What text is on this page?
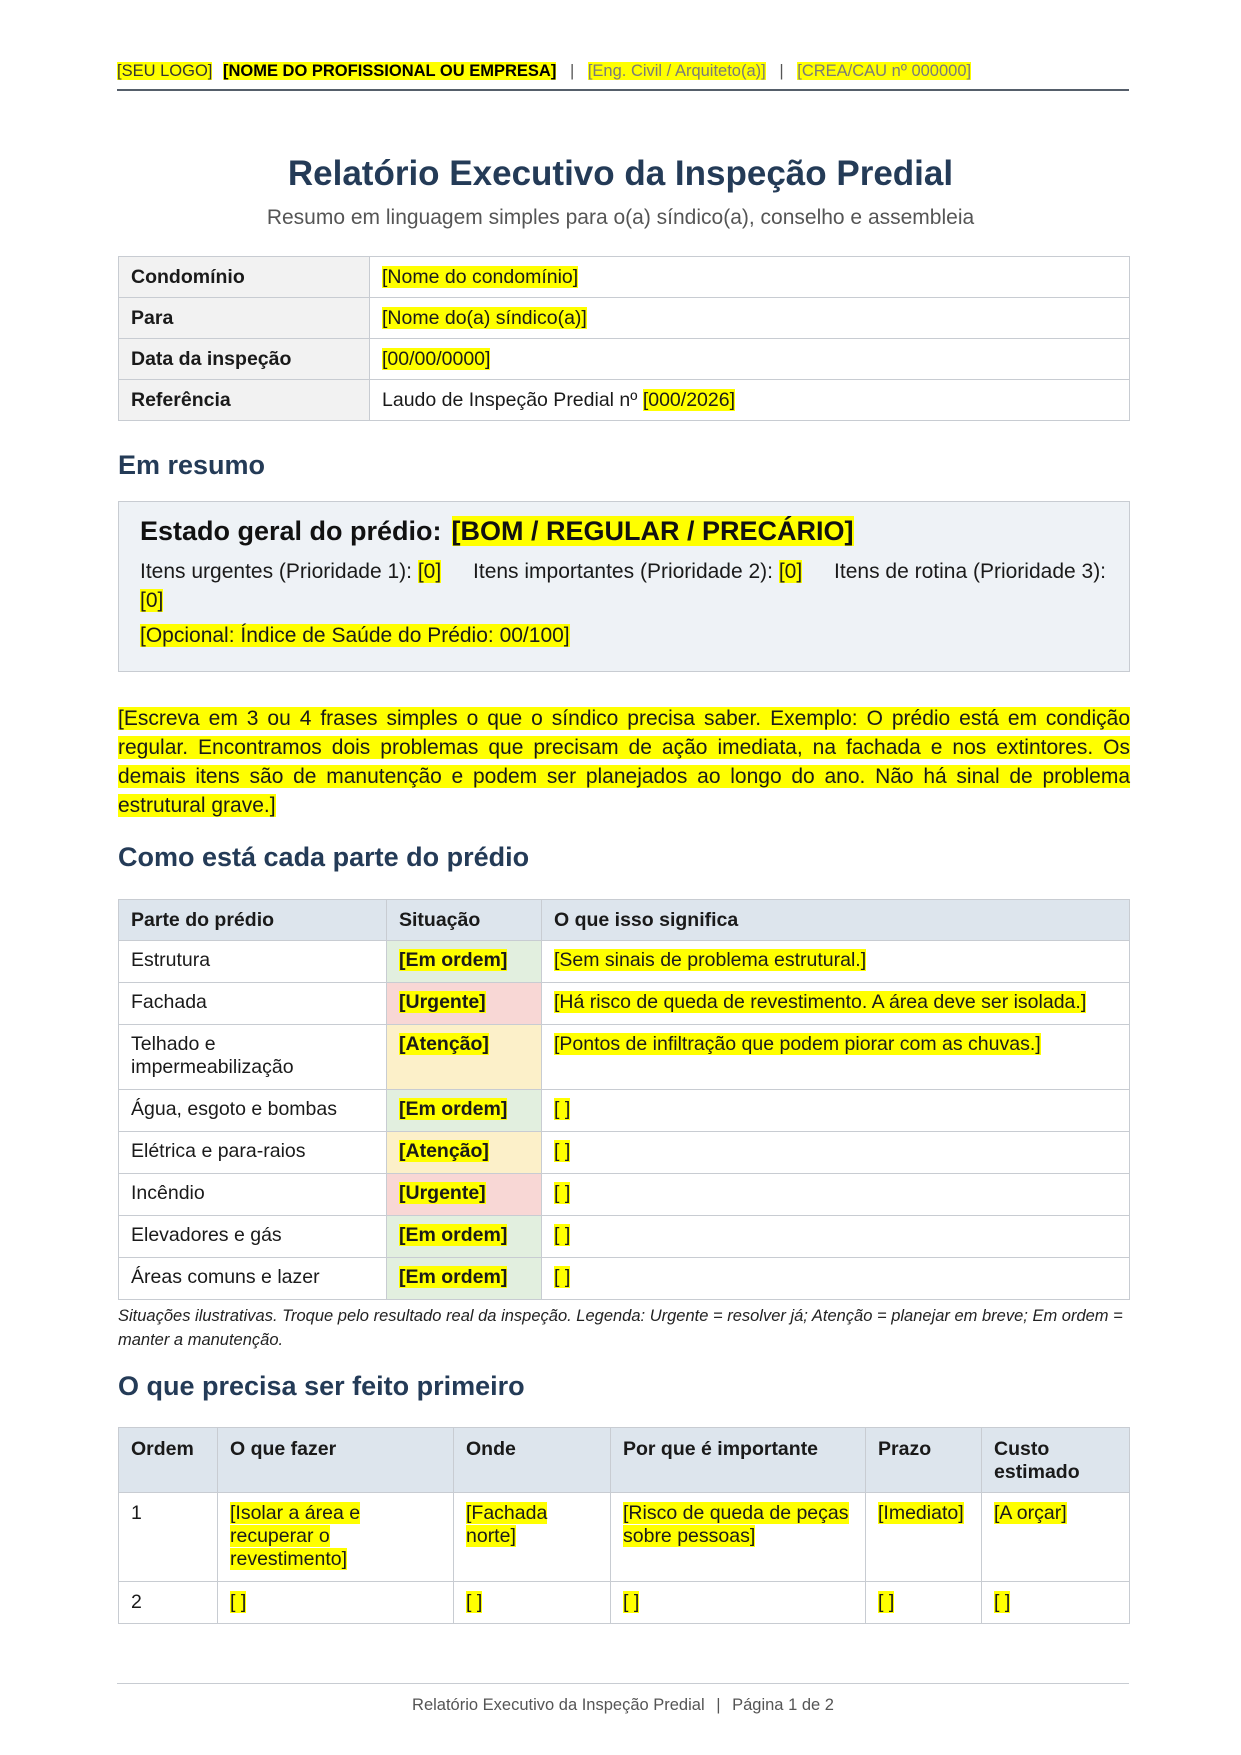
[SEU LOGO] [NOME DO PROFISSIONAL OU EMPRESA] | [Eng. Civil / Arquiteto(a)] | [CREA/CAU nº 000000]
Relatório Executivo da Inspeção Predial
Resumo em linguagem simples para o(a) síndico(a), conselho e assembleia
Condomínio	[Nome do condomínio]
Para	[Nome do(a) síndico(a)]
Data da inspeção	[00/00/0000]
Referência	Laudo de Inspeção Predial nº [000/2026]
Em resumo
Estado geral do prédio: [BOM / REGULAR / PRECÁRIO]
Itens urgentes (Prioridade 1): [0] Itens importantes (Prioridade 2): [0] Itens de rotina (Prioridade 3): [0]
[Opcional: Índice de Saúde do Prédio: 00/100]
[Escreva em 3 ou 4 frases simples o que o síndico precisa saber. Exemplo: O prédio está em condição regular. Encontramos dois problemas que precisam de ação imediata, na fachada e nos extintores. Os demais itens são de manutenção e podem ser planejados ao longo do ano. Não há sinal de problema estrutural grave.]
Como está cada parte do prédio
Parte do prédio	Situação	O que isso significa
Estrutura	[Em ordem]	[Sem sinais de problema estrutural.]
Fachada	[Urgente]	[Há risco de queda de revestimento. A área deve ser isolada.]
Telhado e impermeabilização	[Atenção]	[Pontos de infiltração que podem piorar com as chuvas.]
Água, esgoto e bombas	[Em ordem]	[ ]
Elétrica e para-raios	[Atenção]	[ ]
Incêndio	[Urgente]	[ ]
Elevadores e gás	[Em ordem]	[ ]
Áreas comuns e lazer	[Em ordem]	[ ]
Situações ilustrativas. Troque pelo resultado real da inspeção. Legenda: Urgente = resolver já; Atenção = planejar em breve; Em ordem = manter a manutenção.
O que precisa ser feito primeiro
Ordem	O que fazer	Onde	Por que é importante	Prazo	Custo estimado
1	[Isolar a área e recuperar o revestimento]	[Fachada norte]	[Risco de queda de peças sobre pessoas]	[Imediato]	[A orçar]
2	[ ]	[ ]	[ ]	[ ]	[ ]
Relatório Executivo da Inspeção Predial | Página 1 de 2
